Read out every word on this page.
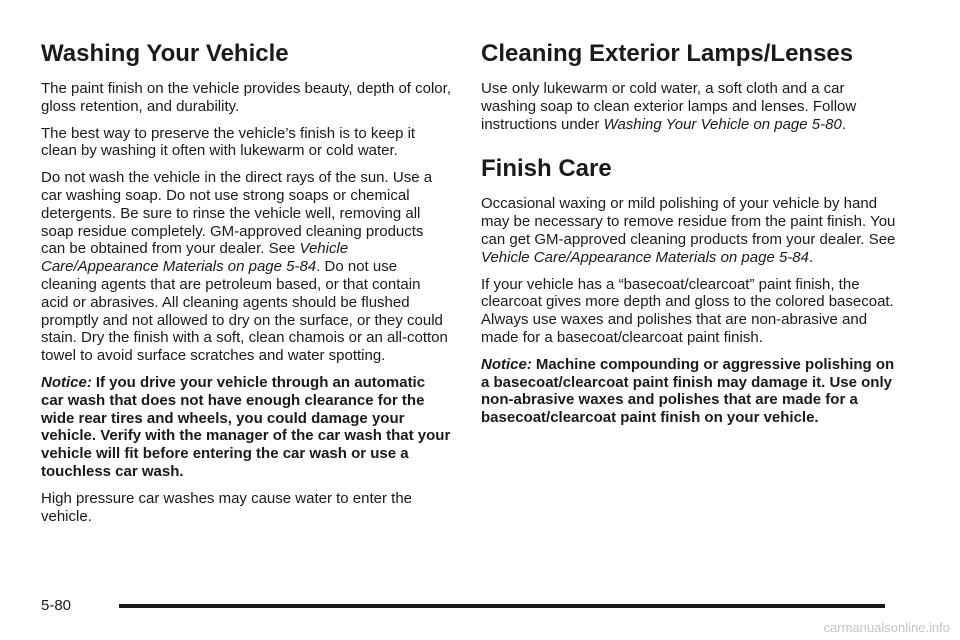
Washing Your Vehicle

The paint finish on the vehicle provides beauty, depth of color, gloss retention, and durability.

The best way to preserve the vehicle’s finish is to keep it clean by washing it often with lukewarm or cold water.

Do not wash the vehicle in the direct rays of the sun. Use a car washing soap. Do not use strong soaps or chemical detergents. Be sure to rinse the vehicle well, removing all soap residue completely. GM-approved cleaning products can be obtained from your dealer. See Vehicle Care/Appearance Materials on page 5-84. Do not use cleaning agents that are petroleum based, or that contain acid or abrasives. All cleaning agents should be flushed promptly and not allowed to dry on the surface, or they could stain. Dry the finish with a soft, clean chamois or an all-cotton towel to avoid surface scratches and water spotting.

Notice: If you drive your vehicle through an automatic car wash that does not have enough clearance for the wide rear tires and wheels, you could damage your vehicle. Verify with the manager of the car wash that your vehicle will fit before entering the car wash or use a touchless car wash.

High pressure car washes may cause water to enter the vehicle.

Cleaning Exterior Lamps/Lenses

Use only lukewarm or cold water, a soft cloth and a car washing soap to clean exterior lamps and lenses. Follow instructions under Washing Your Vehicle on page 5-80.

Finish Care

Occasional waxing or mild polishing of your vehicle by hand may be necessary to remove residue from the paint finish. You can get GM-approved cleaning products from your dealer. See Vehicle Care/Appearance Materials on page 5-84.

If your vehicle has a “basecoat/clearcoat” paint finish, the clearcoat gives more depth and gloss to the colored basecoat. Always use waxes and polishes that are non-abrasive and made for a basecoat/clearcoat paint finish.

Notice: Machine compounding or aggressive polishing on a basecoat/clearcoat paint finish may damage it. Use only non-abrasive waxes and polishes that are made for a basecoat/clearcoat paint finish on your vehicle.

5-80
carmanualsonline.info
